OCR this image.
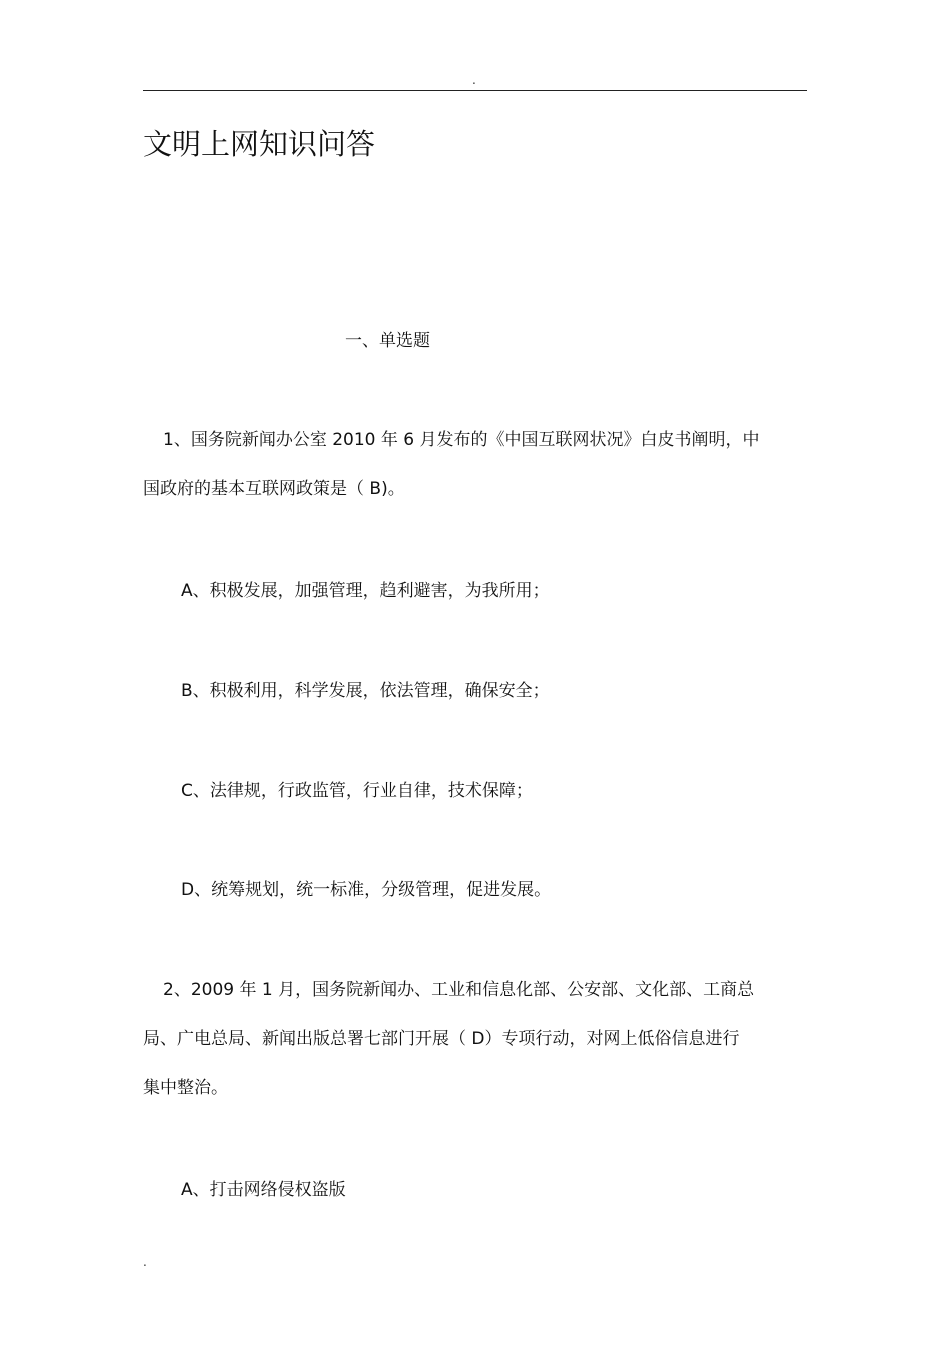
.
文明上网知识问答
一、单选题
1、国务院新闻办公室 2010 年 6 月发布的《中国互联网状况》白皮书阐明，中
国政府的基本互联网政策是（ B)。
A、积极发展，加强管理，趋利避害，为我所用；
B、积极利用，科学发展，依法管理，确保安全；
C、法律规，行政监管，行业自律，技术保障；
D、统筹规划，统一标准，分级管理，促进发展。
2、2009 年 1 月，国务院新闻办、工业和信息化部、公安部、文化部、工商总
局、广电总局、新闻出版总署七部门开展（ D）专项行动，对网上低俗信息进行
集中整治。
A、打击网络侵权盗版
.
